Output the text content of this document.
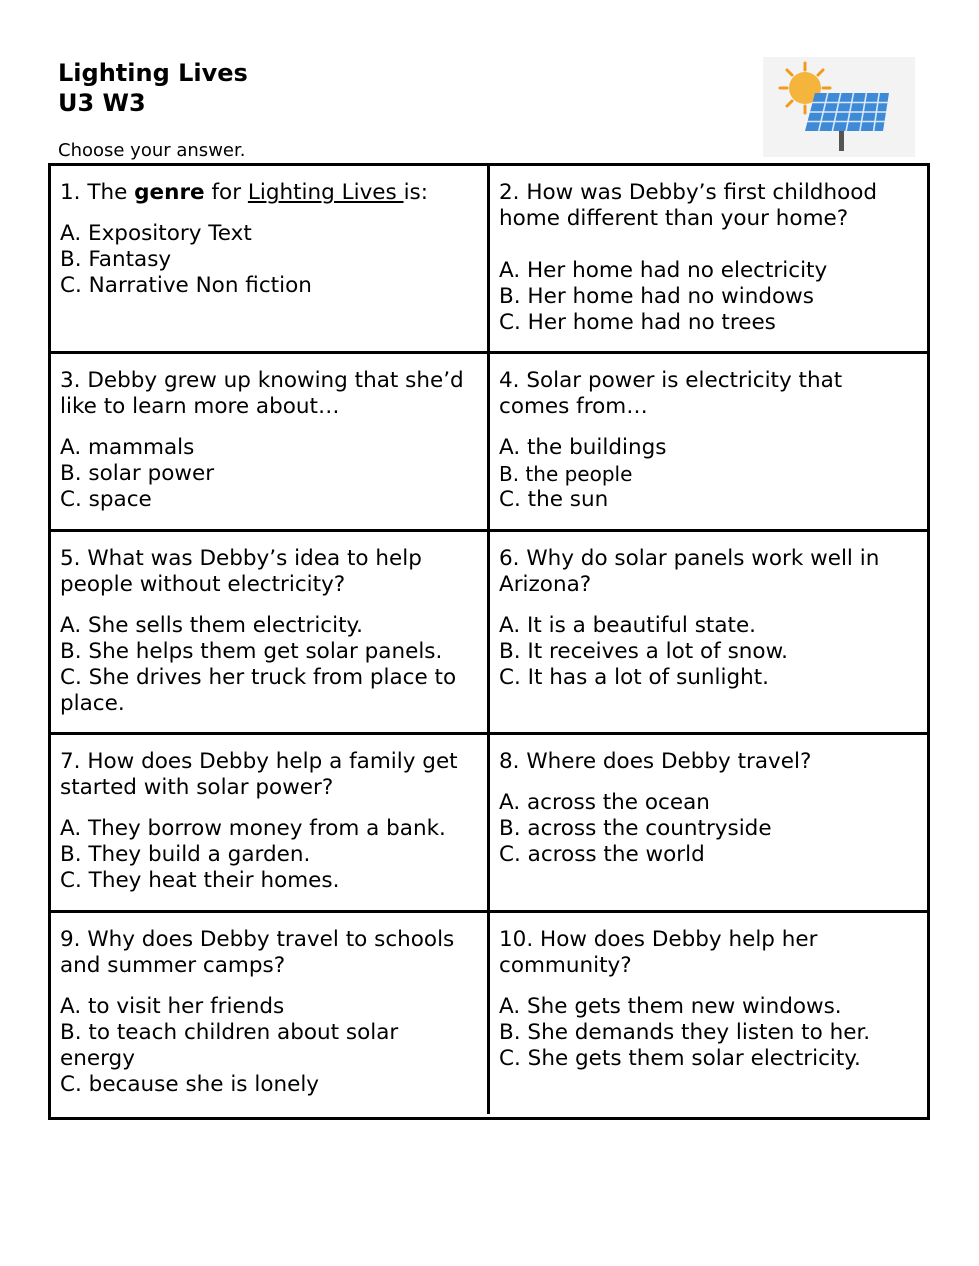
Lighting Lives
U3 W3
Choose your answer.
1. The genre for Lighting Lives is:
A. Expository Text
B. Fantasy
C. Narrative Non fiction
2. How was Debby’s first childhood home different than your home?
A. Her home had no electricity
B. Her home had no windows
C. Her home had no trees
3. Debby grew up knowing that she’d like to learn more about…
A. mammals
B. solar power
C. space
4. Solar power is electricity that comes from…
A. the buildings
B. the people
C. the sun
5. What was Debby’s idea to help people without electricity?
A. She sells them electricity.
B. She helps them get solar panels.
C. She drives her truck from place to place.
6. Why do solar panels work well in Arizona?
A. It is a beautiful state.
B. It receives a lot of snow.
C. It has a lot of sunlight.
7. How does Debby help a family get started with solar power?
A. They borrow money from a bank.
B. They build a garden.
C. They heat their homes.
8. Where does Debby travel?
A. across the ocean
B. across the countryside
C. across the world
9. Why does Debby travel to schools and summer camps?
A. to visit her friends
B. to teach children about solar energy
C. because she is lonely
10. How does Debby help her community?
A. She gets them new windows.
B. She demands they listen to her.
C. She gets them solar electricity.
